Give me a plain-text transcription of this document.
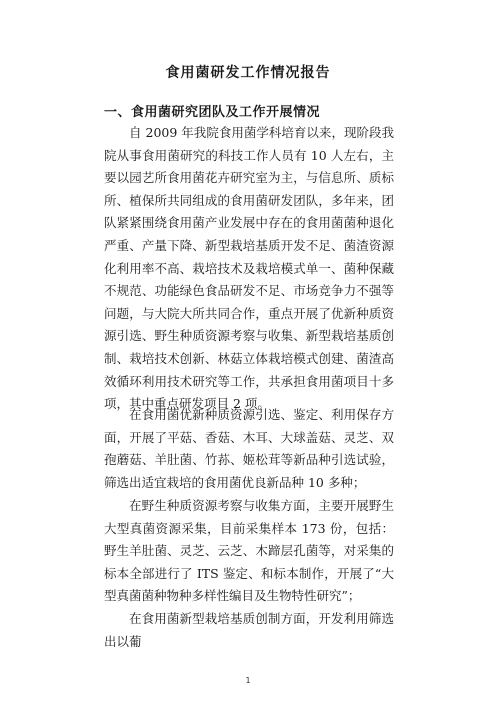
食用菌研发工作情况报告
一、食用菌研究团队及工作开展情况
自 2009 年我院食用菌学科培育以来，现阶段我院从事食用菌研究的科技工作人员有 10 人左右，主要以园艺所食用菌花卉研究室为主，与信息所、质标所、植保所共同组成的食用菌研发团队，多年来，团队紧紧围绕食用菌产业发展中存在的食用菌菌种退化严重、产量下降、新型栽培基质开发不足、菌渣资源化利用率不高、栽培技术及栽培模式单一、菌种保藏不规范、功能绿色食品研发不足、市场竞争力不强等问题，与大院大所共同合作，重点开展了优新种质资源引选、野生种质资源考察与收集、新型栽培基质创制、栽培技术创新、林菇立体栽培模式创建、菌渣高效循环利用技术研究等工作，共承担食用菌项目十多项，其中重点研发项目 2 项。
在食用菌优新种质资源引选、鉴定、利用保存方面，开展了平菇、香菇、木耳、大球盖菇、灵芝、双孢蘑菇、羊肚菌、竹荪、姬松茸等新品种引选试验，筛选出适宜栽培的食用菌优良新品种 10 多种；
在野生种质资源考察与收集方面，主要开展野生大型真菌资源采集，目前采集样本 173 份，包括：野生羊肚菌、灵芝、云芝、木蹄层孔菌等，对采集的标本全部进行了 ITS 鉴定、和标本制作，开展了“大型真菌菌种物种多样性编目及生物特性研究”；
在食用菌新型栽培基质创制方面，开发利用筛选出以葡
1
